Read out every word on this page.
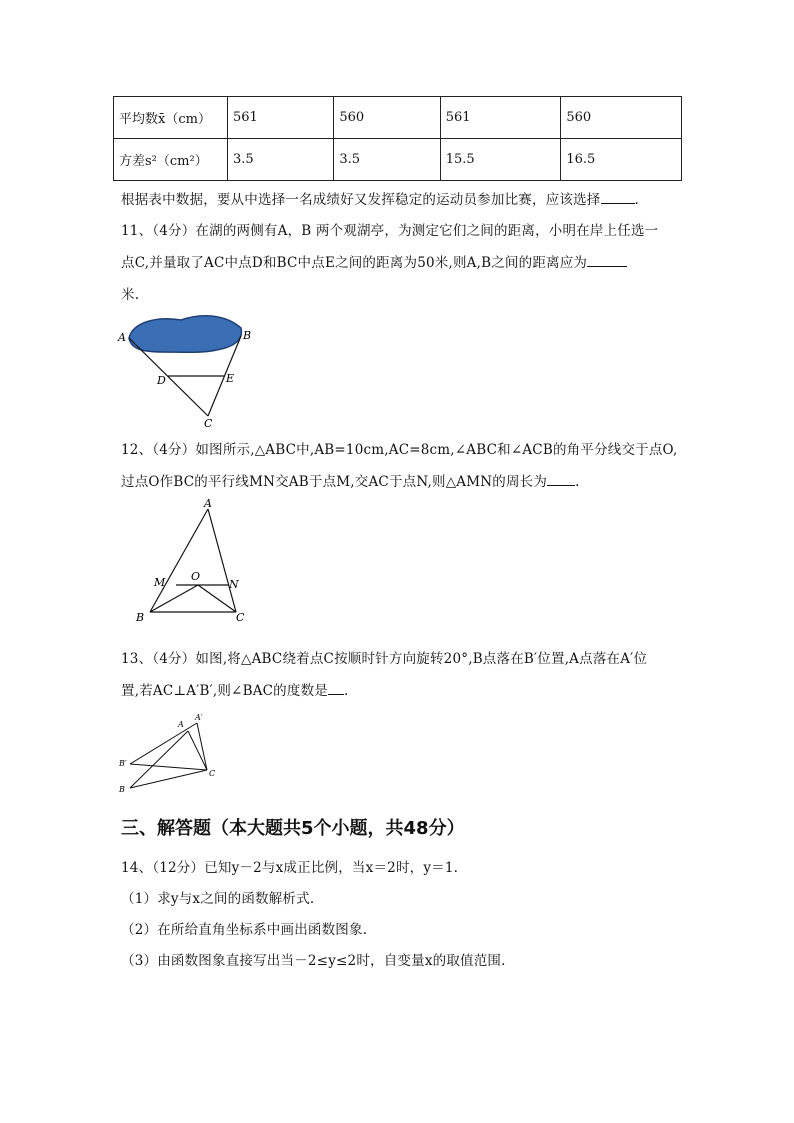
平均数x̄（cm）	561	560	561	560
方差s²（cm²）	3.5	3.5	15.5	16.5
根据表中数据，要从中选择一名成绩好又发挥稳定的运动员参加比赛，应该选择	.
11、（4分）在湖的两侧有A，B 两个观湖亭，为测定它们之间的距离，小明在岸上任选一
点C,并量取了AC中点D和BC中点E之间的距离为50米,则A,B之间的距离应为
米.
A	B
C
D	E
12、（4分）如图所示,△ABC中,AB=10cm,AC=8cm,∠ABC和∠ACB的角平分线交于点O,
过点O作BC的平行线MN交AB于点M,交AC于点N,则△AMN的周长为 .
A
B	C
M	N
O
13、（4分）如图,将△ABC绕着点C按顺时针方向旋转20°,B点落在B′位置,A点落在A′位
置,若AC⊥A′B′,则∠BAC的度数是 .
A
A′
B′
B
C
三、解答题（本大题共5个小题，共48分）
14、（12分）已知y－2与x成正比例，当x＝2时，y＝1.
（1）求y与x之间的函数解析式.
（2）在所给直角坐标系中画出函数图象.
（3）由函数图象直接写出当－2≤y≤2时，自变量x的取值范围.
